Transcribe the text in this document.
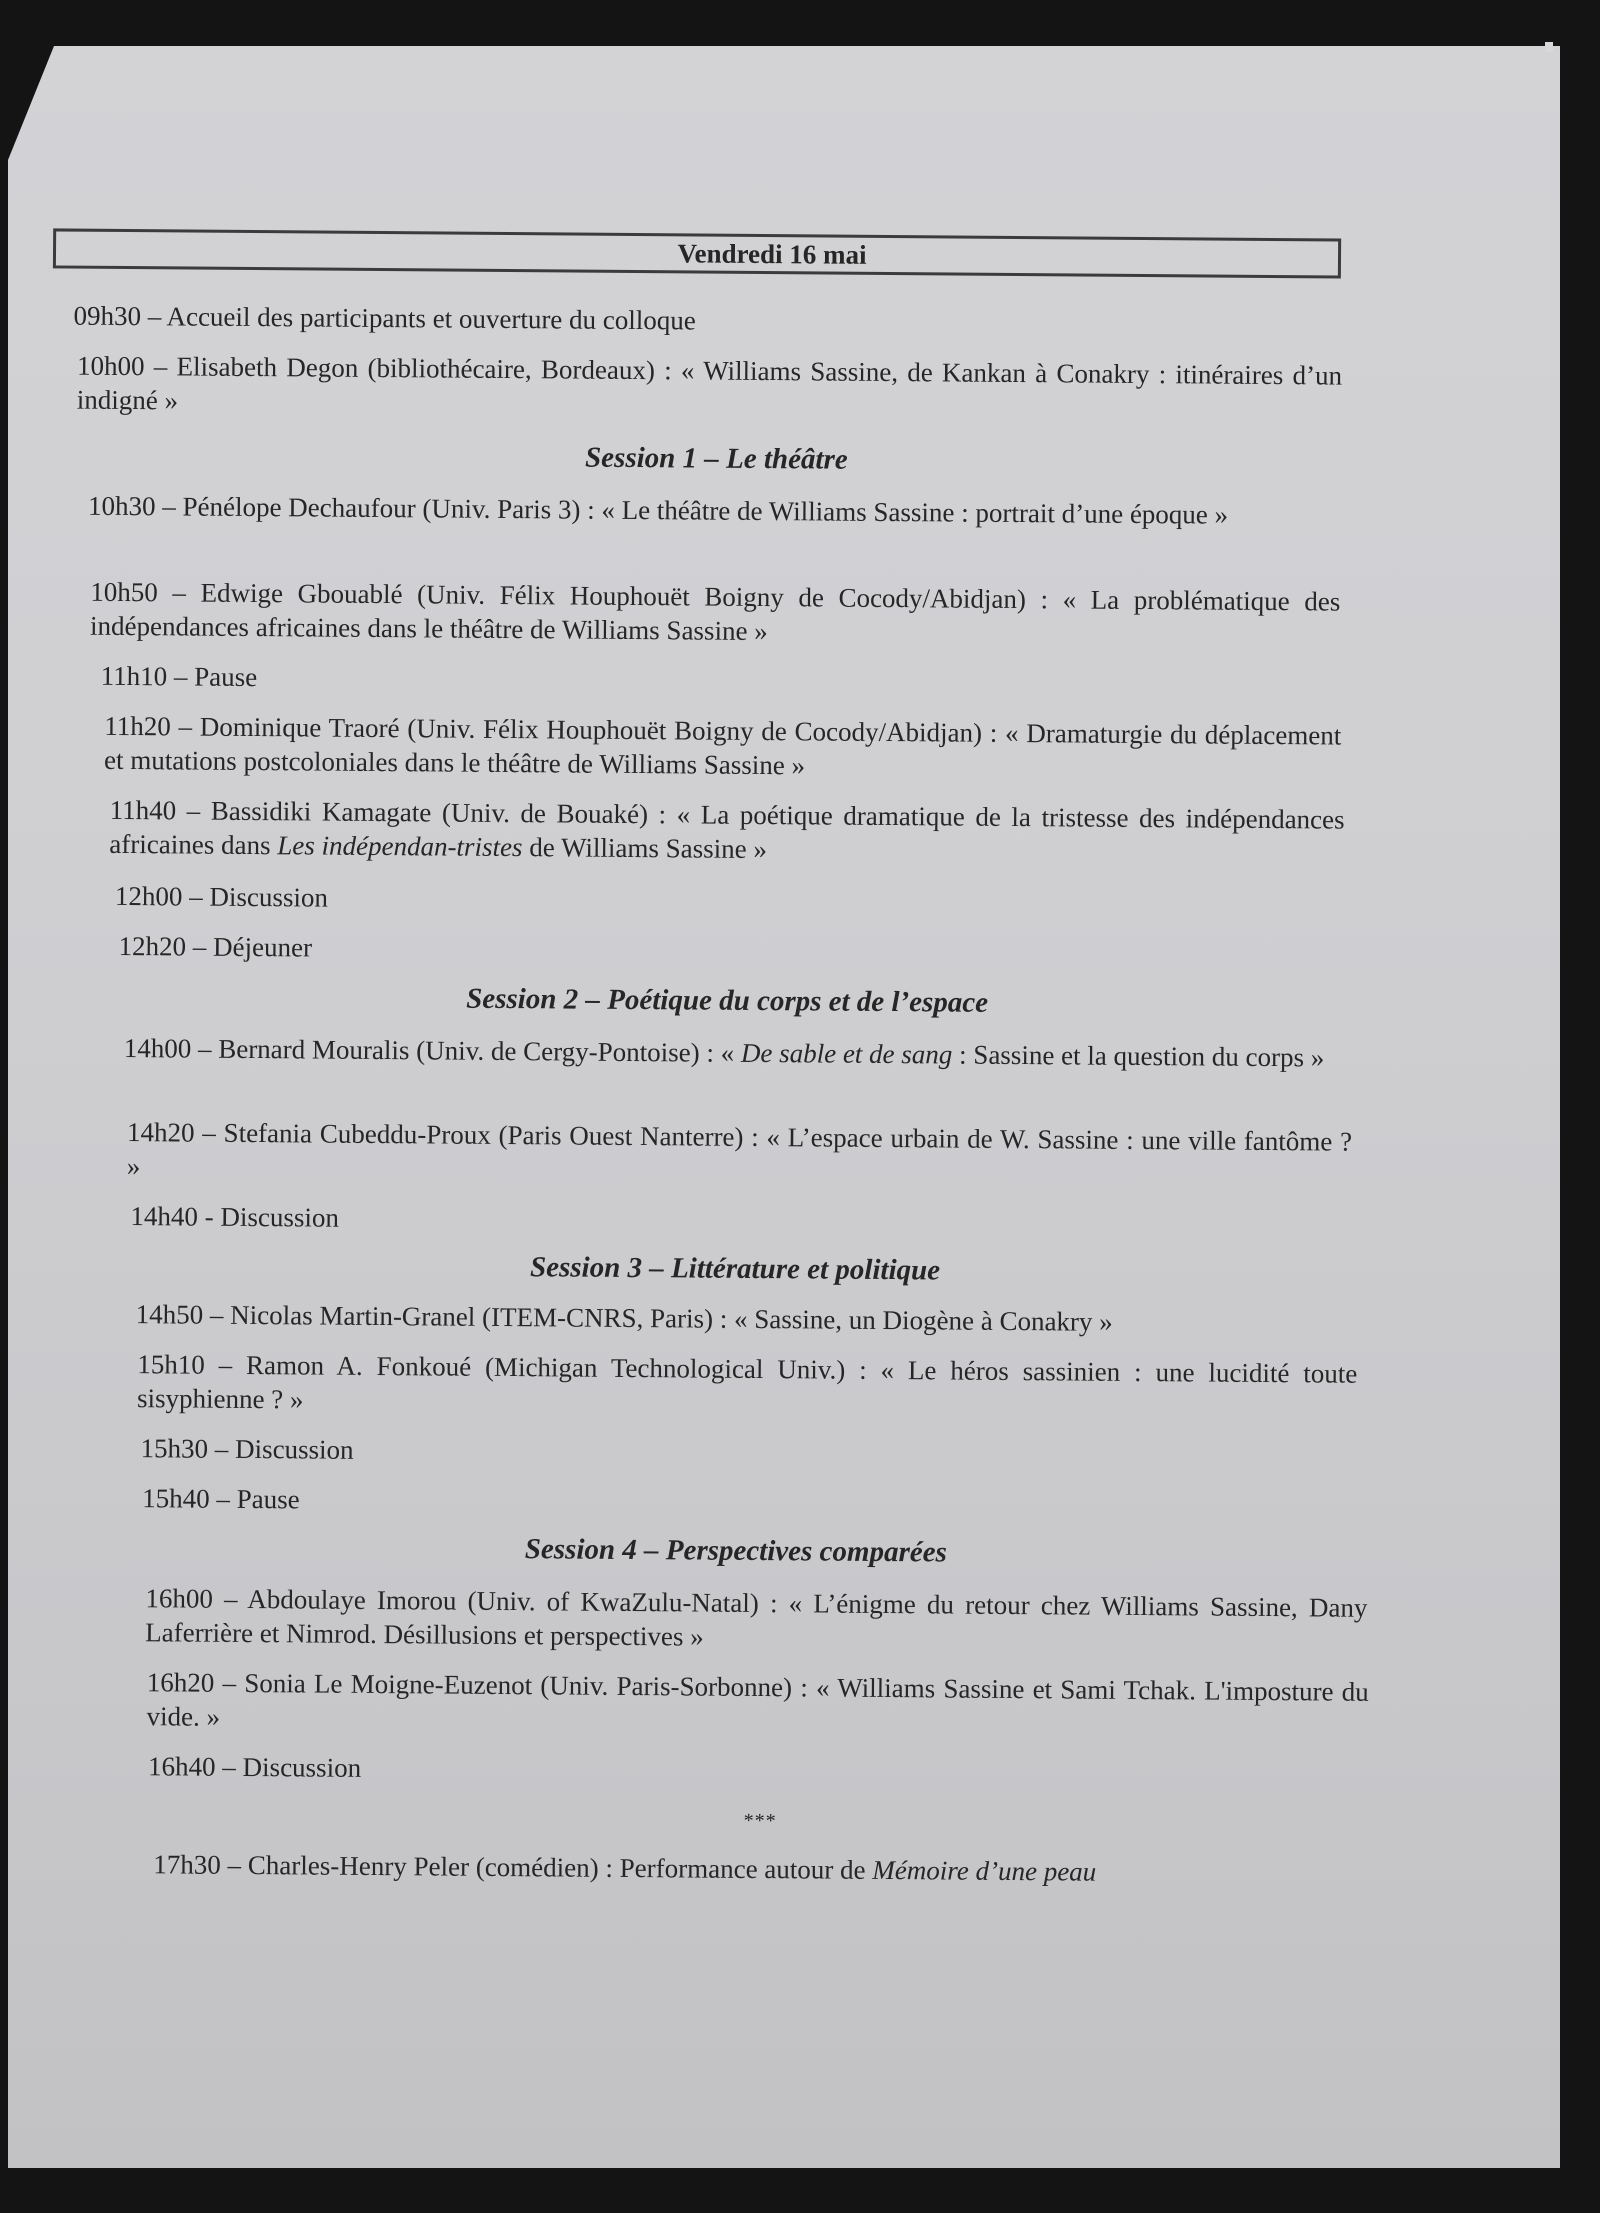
Vendredi 16 mai
09h30 – Accueil des participants et ouverture du colloque
10h00 – Elisabeth Degon (bibliothécaire, Bordeaux) : « Williams Sassine, de Kankan à Conakry : itinéraires d’un indigné »
Session 1 – Le théâtre
10h30 – Pénélope Dechaufour (Univ. Paris 3) : « Le théâtre de Williams Sassine : portrait d’une époque »
10h50 – Edwige Gbouablé (Univ. Félix Houphouët Boigny de Cocody/Abidjan) : « La problématique des indépendances africaines dans le théâtre de Williams Sassine »
11h10 – Pause
11h20 – Dominique Traoré (Univ. Félix Houphouët Boigny de Cocody/Abidjan) : « Dramaturgie du déplacement et mutations postcoloniales dans le théâtre de Williams Sassine »
11h40 – Bassidiki Kamagate (Univ. de Bouaké) : « La poétique dramatique de la tristesse des indépendances africaines dans Les indépendan-tristes de Williams Sassine »
12h00 – Discussion
12h20 – Déjeuner
Session 2 – Poétique du corps et de l’espace
14h00 – Bernard Mouralis (Univ. de Cergy-Pontoise) : « De sable et de sang : Sassine et la question du corps »
14h20 – Stefania Cubeddu-Proux (Paris Ouest Nanterre) : « L’espace urbain de W. Sassine : une ville fantôme ? »
14h40 - Discussion
Session 3 – Littérature et politique
14h50 – Nicolas Martin-Granel (ITEM-CNRS, Paris) : « Sassine, un Diogène à Conakry »
15h10 – Ramon A. Fonkoué (Michigan Technological Univ.) : « Le héros sassinien : une lucidité toute sisyphienne ? »
15h30 – Discussion
15h40 – Pause
Session 4 – Perspectives comparées
16h00 – Abdoulaye Imorou (Univ. of KwaZulu-Natal) : « L’énigme du retour chez Williams Sassine, Dany Laferrière et Nimrod. Désillusions et perspectives »
16h20 – Sonia Le Moigne-Euzenot (Univ. Paris-Sorbonne) : « Williams Sassine et Sami Tchak. L'imposture du vide. »
16h40 – Discussion
***
17h30 – Charles-Henry Peler (comédien) : Performance autour de Mémoire d’une peau
